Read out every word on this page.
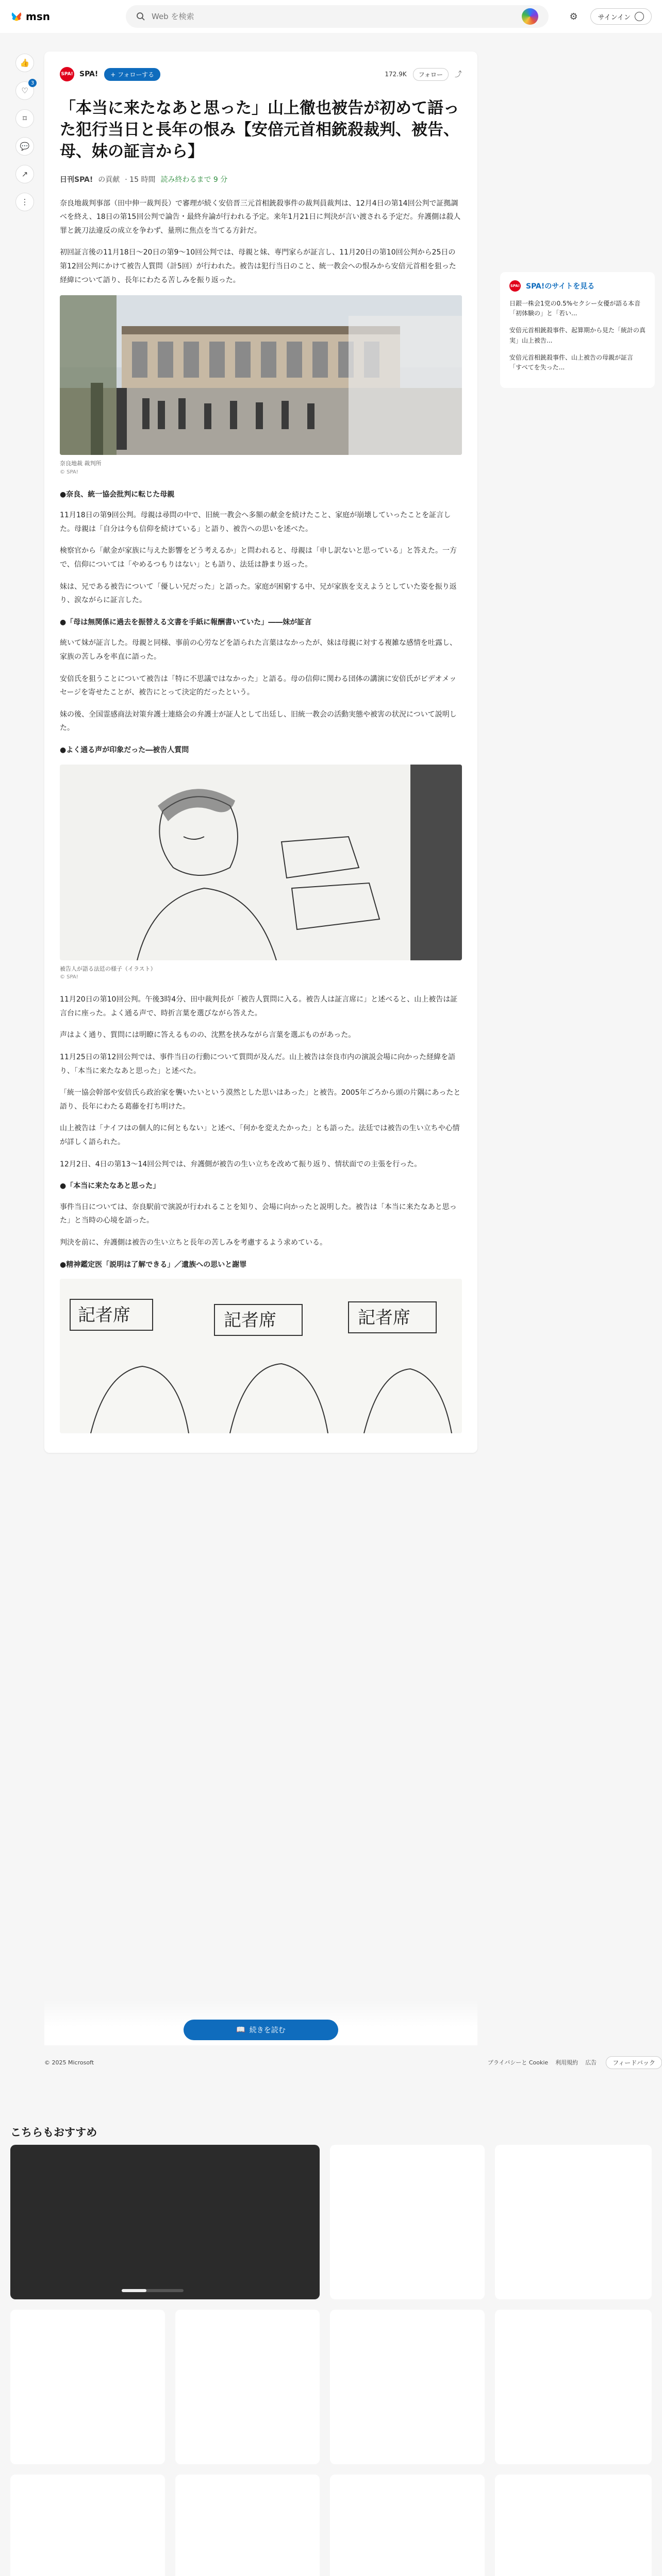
msn
Web を検索	⚙	サインイン
👍
♡
3
⌑
💬
↗
⋮
SPA! SPA!	+ フォローする	172.9K	フォロー	⤴
「本当に来たなあと思った」山上徹也被告が初めて語った犯行当日と長年の恨み【安倍元首相銃殺裁判、被告、母、妹の証言から】
日刊SPA! の貢献 · 15 時間 読み終わるまで 9 分

奈良地裁判事部（田中伸一裁判長）で審理が続く安倍晋三元首相銃殺事件の裁判員裁判は、12月4日の第14回公判で証拠調べを終え、18日の第15回公判で論告・最終弁論が行われる予定。来年1月21日に判決が言い渡される予定だ。弁護側は殺人罪と銃刀法違反の成立を争わず、量刑に焦点を当てる方針だ。

初回証言後の11月18日〜20日の第9〜10回公判では、母親と妹、専門家らが証言し、11月20日の第10回公判から25日の第12回公判にかけて被告人質問（計5回）が行われた。被告は犯行当日のこと、統一教会への恨みから安倍元首相を狙った経緯について語り、長年にわたる苦しみを振り返った。

奈良地裁 裁判所
© SPA!
●奈良、統一協会批判に転じた母親

11月18日の第9回公判。母親は尋問の中で、旧統一教会へ多額の献金を続けたこと、家庭が崩壊していったことを証言した。母親は「自分は今も信仰を続けている」と語り、被告への思いを述べた。

検察官から「献金が家族に与えた影響をどう考えるか」と問われると、母親は「申し訳ないと思っている」と答えた。一方で、信仰については「やめるつもりはない」とも語り、法廷は静まり返った。

妹は、兄である被告について「優しい兄だった」と語った。家庭が困窮する中、兄が家族を支えようとしていた姿を振り返り、涙ながらに証言した。

●「母は無関係に過去を振替える文書を手紙に報酬書いていた」――妹が証言

統いて妹が証言した。母親と同様、事前の心労などを語られた言葉はなかったが、妹は母親に対する複雑な感情を吐露し、家族の苦しみを率直に語った。

安倍氏を狙うことについて被告は「特に不思議ではなかった」と語る。母の信仰に関わる団体の講演に安倍氏がビデオメッセージを寄せたことが、被告にとって決定的だったという。

妹の後、全国霊感商法対策弁護士連絡会の弁護士が証人として出廷し、旧統一教会の活動実態や被害の状況について説明した。

●よく通る声が印象だった―被告人質問
被告人が語る法廷の様子（イラスト）
© SPA!

11月20日の第10回公判。午後3時4分、田中裁判長が「被告人質問に入る。被告人は証言席に」と述べると、山上被告は証言台に座った。よく通る声で、時折言葉を選びながら答えた。

声はよく通り、質問には明瞭に答えるものの、沈黙を挟みながら言葉を選ぶものがあった。

11月25日の第12回公判では、事件当日の行動について質問が及んだ。山上被告は奈良市内の演説会場に向かった経緯を語り、「本当に来たなあと思った」と述べた。

「統一協会幹部や安倍氏ら政治家を襲いたいという漠然とした思いはあった」と被告。2005年ごろから頭の片隅にあったと語り、長年にわたる葛藤を打ち明けた。

山上被告は「ナイフはの個人的に何ともない」と述べ、「何かを変えたかった」とも語った。法廷では被告の生い立ちや心情が詳しく語られた。

12月2日、4日の第13〜14回公判では、弁護側が被告の生い立ちを改めて振り返り、情状面での主張を行った。

●「本当に来たなあと思った」

事件当日については、奈良駅前で演説が行われることを知り、会場に向かったと説明した。被告は「本当に来たなあと思った」と当時の心境を語った。

判決を前に、弁護側は被告の生い立ちと長年の苦しみを考慮するよう求めている。

●精神鑑定医「説明は了解できる」／遺族への思いと謝罪
記者席	記者席	記者席
📖 続きを読む
© 2025 Microsoft	プライバシーと Cookie 利用規約 広告	フィードバック
SPA! SPA!のサイトを見る
日銀一株会1党の0.5%セクシー女優が語る本音「初体験の」と「若い...
安倍元首相銃殺事件、起算期から見た「統計の真実」山上被告...
安倍元首相銃殺事件、山上被告の母親が証言「すべてを失った...
こちらもおすすめ
